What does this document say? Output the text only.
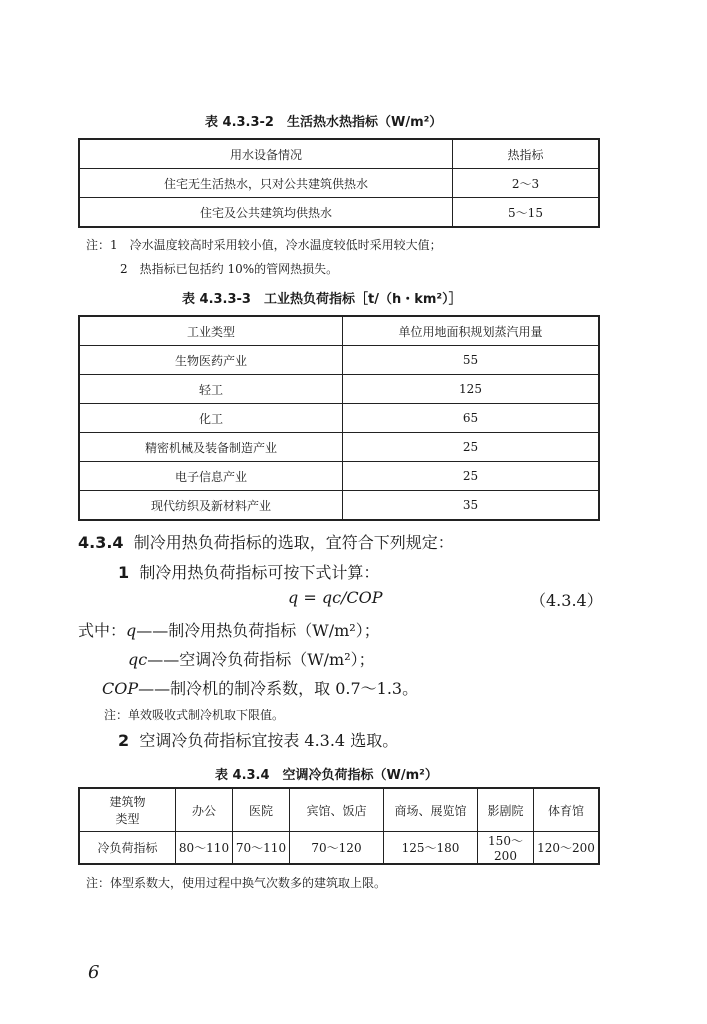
表 4.3.3-2　生活热水热指标（W/m²）
用水设备情况	热指标
住宅无生活热水，只对公共建筑供热水	2～3
住宅及公共建筑均供热水	5～15
注：1　冷水温度较高时采用较小值，冷水温度较低时采用较大值；
2　热指标已包括约 10%的管网热损失。
表 4.3.3-3　工业热负荷指标［t/（h・km²）］
工业类型	单位用地面积规划蒸汽用量
生物医药产业	55
轻工	125
化工	65
精密机械及装备制造产业	25
电子信息产业	25
现代纺织及新材料产业	35
4.3.4 制冷用热负荷指标的选取，宜符合下列规定：
1 制冷用热负荷指标可按下式计算：
q = qc/COP	（4.3.4）
式中：q——制冷用热负荷指标（W/m²）；
qc——空调冷负荷指标（W/m²）；
COP——制冷机的制冷系数，取 0.7～1.3。
注：单效吸收式制冷机取下限值。
2 空调冷负荷指标宜按表 4.3.4 选取。
表 4.3.4　空调冷负荷指标（W/m²）
建筑物
类型	办公	医院	宾馆、饭店	商场、展览馆	影剧院	体育馆
冷负荷指标	80～110	70～110	70～120	125～180	150～200	120～200
注：体型系数大，使用过程中换气次数多的建筑取上限。
6
